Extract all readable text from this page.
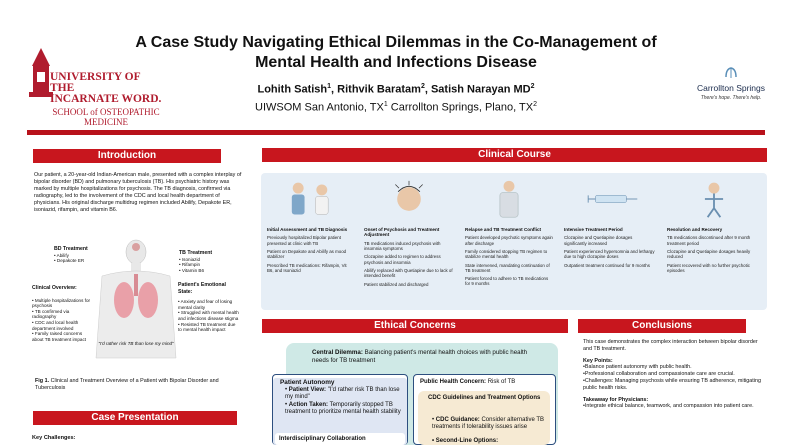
A Case Study Navigating Ethical Dilemmas in the Co-Management of
Mental Health and Infections Disease
Lohith Satish$^1$, Rithvik Baratam$^2$, Satish Narayan $MD^2$
UIWSOM San Antonio, $TX^1$ Carrollton Springs, Plano, $TX^2$
UNIVERSITY OF THE
INCARNATE WORD.
SCHOOL of OSTEOPATHIC
MEDICINE
Carrollton Springs
There's hope. There's help.
Introduction
Our patient, a 20-year-old Indian-American male, presented with a complex interplay of bipolar disorder (BD) and pulmonary tuberculosis (TB). His psychiatric history was marked by multiple hospitalizations for psychosis. The TB diagnosis, confirmed via radiography, led to the involvement of the CDC and local health department of physicians. His original discharge multidrug regimen included Abilify, Depakote ER, isoniazid, rifampin, and vitamin B6.
BD Treatment
• Abilify
• Depakote ER
TB Treatment
• Isoniazid
• Rifampin
• Vitamin B6
Clinical Overview:
• Multiple hospitalizations for psychosis
• TB confirmed via radiography
• CDC and local health department involved
• Family raised concerns about TB treatment impact
Patient's Emotional State:
• Anxiety and fear of losing mental clarity
• Struggled with mental health and infections disease stigma
• Resisted TB treatment due to mental health impact
"I'd rather risk TB than lose my mind"
Fig 1. Clinical and Treatment Overview of a Patient with Bipolar Disorder and Tuberculosis
Case Presentation
Key Challenges:
Clinical Course
Initial Assessment and TB Diagnosis
Previously hospitalized Bipolar patient presented at clinic with TB
Patient on Depakote and Abilify as mood stabilizer
Prescribed TB medications: Rifampin, Vit B6, and Isoniazid
Onset of Psychosis and Treatment Adjustment
TB medications induced psychosis with insomnia symptoms
Clozapine added to regimen to address psychosis and insomnia
Abilify replaced with Quetiapine due to lack of intended benefit
Patient stabilized and discharged
Relapse and TB Treatment Conflict
Patient developed psychotic symptoms again after discharge
Family considered stopping TB regimen to stabilize mental health
State intervened, mandating continuation of TB treatment
Patient forced to adhere to TB medications for 9 months
Intensive Treatment Period
Clozapine and Quetiapine dosages significantly increased
Patient experienced hypersomnia and lethargy due to high clozapine doses
Outpatient treatment continued for 9 months
Resolution and Recovery
TB medications discontinued after 9 month treatment period
Clozapine and Quetiapine dosages heavily reduced
Patient recovered with no further psychotic episodes
Ethical Concerns
Central Dilemma: Balancing patient's mental health choices with public health needs for TB treatment
Patient Autonomy
• Patient View: "I'd rather risk TB than lose my mind"
• Action Taken: Temporarily stopped TB treatment to prioritize mental health stability
Interdisciplinary Collaboration
Public Health Concern: Risk of TB
CDC Guidelines and Treatment Options
• CDC Guidance: Consider alternative TB treatments if tolerability issues arise
• Second-Line Options:
Conclusions

This case demonstrates the complex interaction between bipolar disorder and TB treatment.

Key Points:

•Balance patient autonomy with public health.
•Professional collaboration and compassionate care are crucial.
•Challenges: Managing psychosis while ensuring TB adherence, mitigating public health risks.

Takeaway for Physicians:

•Integrate ethical balance, teamwork, and compassion into patient care.
